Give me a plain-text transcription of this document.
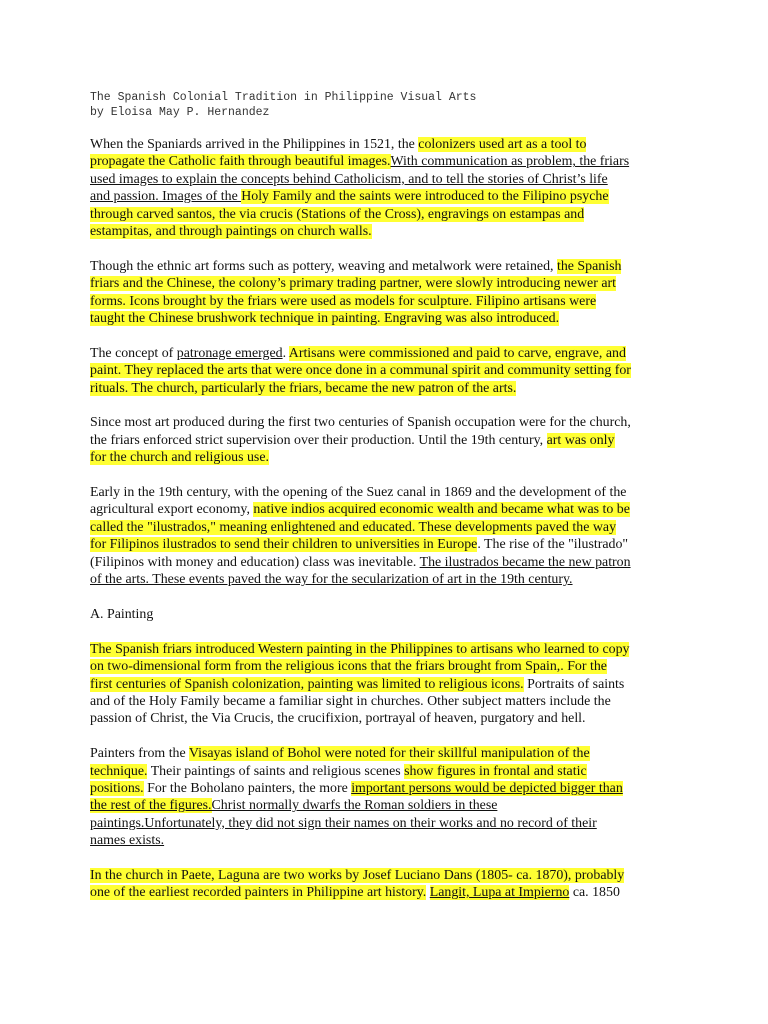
The Spanish Colonial Tradition in Philippine Visual Arts
by Eloisa May P. Hernandez

When the Spaniards arrived in the Philippines in 1521, the colonizers used art as a tool to
propagate the Catholic faith through beautiful images.With communication as problem, the friars
used images to explain the concepts behind Catholicism, and to tell the stories of Christ’s life
and passion. Images of the Holy Family and the saints were introduced to the Filipino psyche
through carved santos, the via crucis (Stations of the Cross), engravings on estampas and
estampitas, and through paintings on church walls.

Though the ethnic art forms such as pottery, weaving and metalwork were retained, the Spanish
friars and the Chinese, the colony’s primary trading partner, were slowly introducing newer art
forms. Icons brought by the friars were used as models for sculpture. Filipino artisans were
taught the Chinese brushwork technique in painting. Engraving was also introduced.

The concept of patronage emerged. Artisans were commissioned and paid to carve, engrave, and
paint. They replaced the arts that were once done in a communal spirit and community setting for
rituals. The church, particularly the friars, became the new patron of the arts.

Since most art produced during the first two centuries of Spanish occupation were for the church,
the friars enforced strict supervision over their production. Until the 19th century, art was only
for the church and religious use.

Early in the 19th century, with the opening of the Suez canal in 1869 and the development of the
agricultural export economy, native indios acquired economic wealth and became what was to be
called the "ilustrados," meaning enlightened and educated. These developments paved the way
for Filipinos ilustrados to send their children to universities in Europe. The rise of the "ilustrado"
(Filipinos with money and education) class was inevitable. The ilustrados became the new patron
of the arts. These events paved the way for the secularization of art in the 19th century.

A. Painting

The Spanish friars introduced Western painting in the Philippines to artisans who learned to copy
on two-dimensional form from the religious icons that the friars brought from Spain,. For the
first centuries of Spanish colonization, painting was limited to religious icons. Portraits of saints
and of the Holy Family became a familiar sight in churches. Other subject matters include the
passion of Christ, the Via Crucis, the crucifixion, portrayal of heaven, purgatory and hell.

Painters from the Visayas island of Bohol were noted for their skillful manipulation of the
technique. Their paintings of saints and religious scenes show figures in frontal and static
positions. For the Boholano painters, the more important persons would be depicted bigger than
the rest of the figures.Christ normally dwarfs the Roman soldiers in these
paintings.Unfortunately, they did not sign their names on their works and no record of their
names exists.

In the church in Paete, Laguna are two works by Josef Luciano Dans (1805- ca. 1870), probably
one of the earliest recorded painters in Philippine art history. Langit, Lupa at Impierno ca. 1850
